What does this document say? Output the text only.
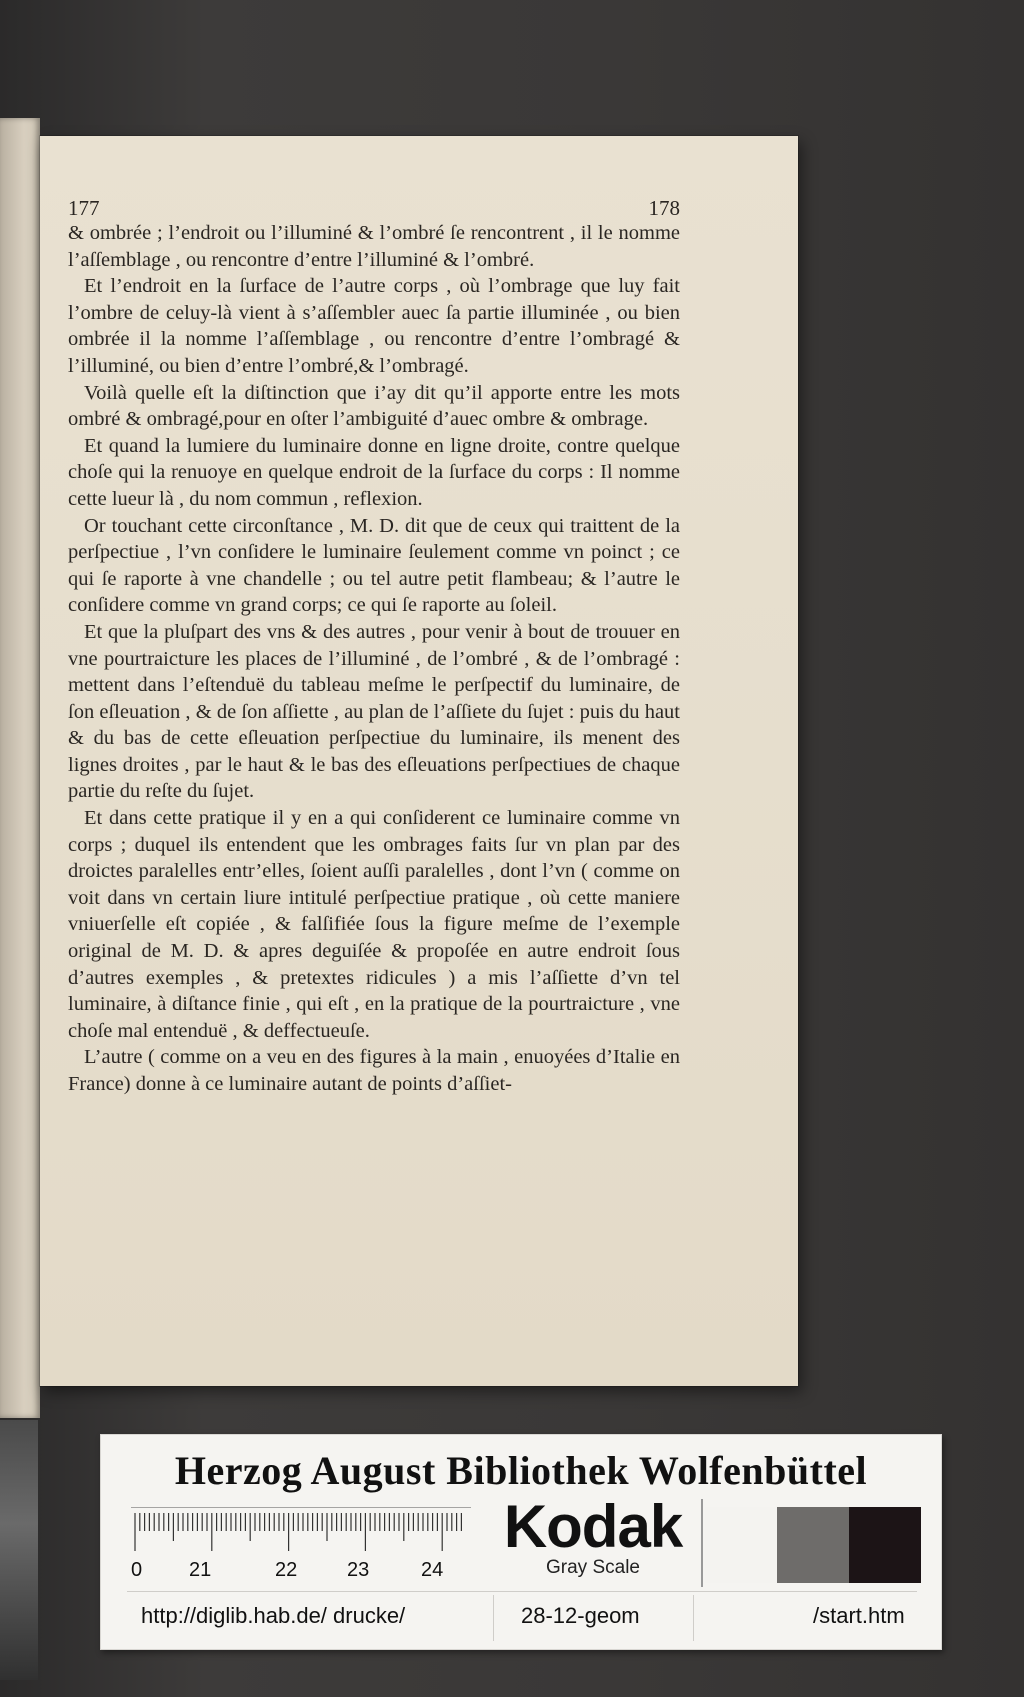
177	178

& ombrée ; l’endroit ou l’illuminé & l’ombré ſe rencontrent , il le nomme l’aſſemblage , ou rencontre d’entre l’illuminé & l’ombré.

Et l’endroit en la ſurface de l’autre corps , où l’ombrage que luy fait l’ombre de celuy-là vient à s’aſſembler auec ſa partie illuminée , ou bien ombrée il la nomme l’aſſemblage , ou rencontre d’entre l’ombragé & l’illuminé, ou bien d’entre l’ombré,& l’ombragé.

Voilà quelle eſt la diſtinction que i’ay dit qu’il apporte entre les mots ombré & ombragé,pour en oſter l’ambiguité d’auec ombre & ombrage.

Et quand la lumiere du luminaire donne en ligne droite, contre quelque choſe qui la renuoye en quelque endroit de la ſurface du corps : Il nomme cette lueur là , du nom commun , reflexion.

Or touchant cette circonſtance , M. D. dit que de ceux qui traittent de la perſpectiue , l’vn conſidere le luminaire ſeulement comme vn poinct ; ce qui ſe raporte à vne chandelle ; ou tel autre petit flambeau; & l’autre le conſidere comme vn grand corps; ce qui ſe raporte au ſoleil.

Et que la pluſpart des vns & des autres , pour venir à bout de trouuer en vne pourtraicture les places de l’illuminé , de l’ombré , & de l’ombragé : mettent dans l’eſtenduë du tableau meſme le perſpectif du luminaire, de ſon eſleuation , & de ſon aſſiette , au plan de l’aſſiete du ſujet : puis du haut & du bas de cette eſleuation perſpectiue du luminaire, ils menent des lignes droites , par le haut & le bas des eſleuations perſpectiues de chaque partie du reſte du ſujet.

Et dans cette pratique il y en a qui conſiderent ce luminaire comme vn corps ; duquel ils entendent que les ombrages faits ſur vn plan par des droictes paralelles entr’elles, ſoient auſſi paralelles , dont l’vn ( comme on voit dans vn certain liure intitulé perſpectiue pratique , où cette maniere vniuerſelle eſt copiée , & falſifiée ſous la figure meſme de l’exemple original de M. D. & apres deguiſée & propoſée en autre endroit ſous d’autres exemples , & pretextes ridicules ) a mis l’aſſiette d’vn tel luminaire, à diſtance finie , qui eſt , en la pratique de la pourtraicture , vne choſe mal entenduë , & deffectueuſe.

L’autre ( comme on a veu en des figures à la main , enuoyées d’Italie en France) donne à ce luminaire autant de points d’aſſiet-

Herzog August Bibliothek Wolfenbüttel
0 21	22 23	24
Kodak
Gray Scale
http://diglib.hab.de/ drucke/	28-12-geom	/start.htm
